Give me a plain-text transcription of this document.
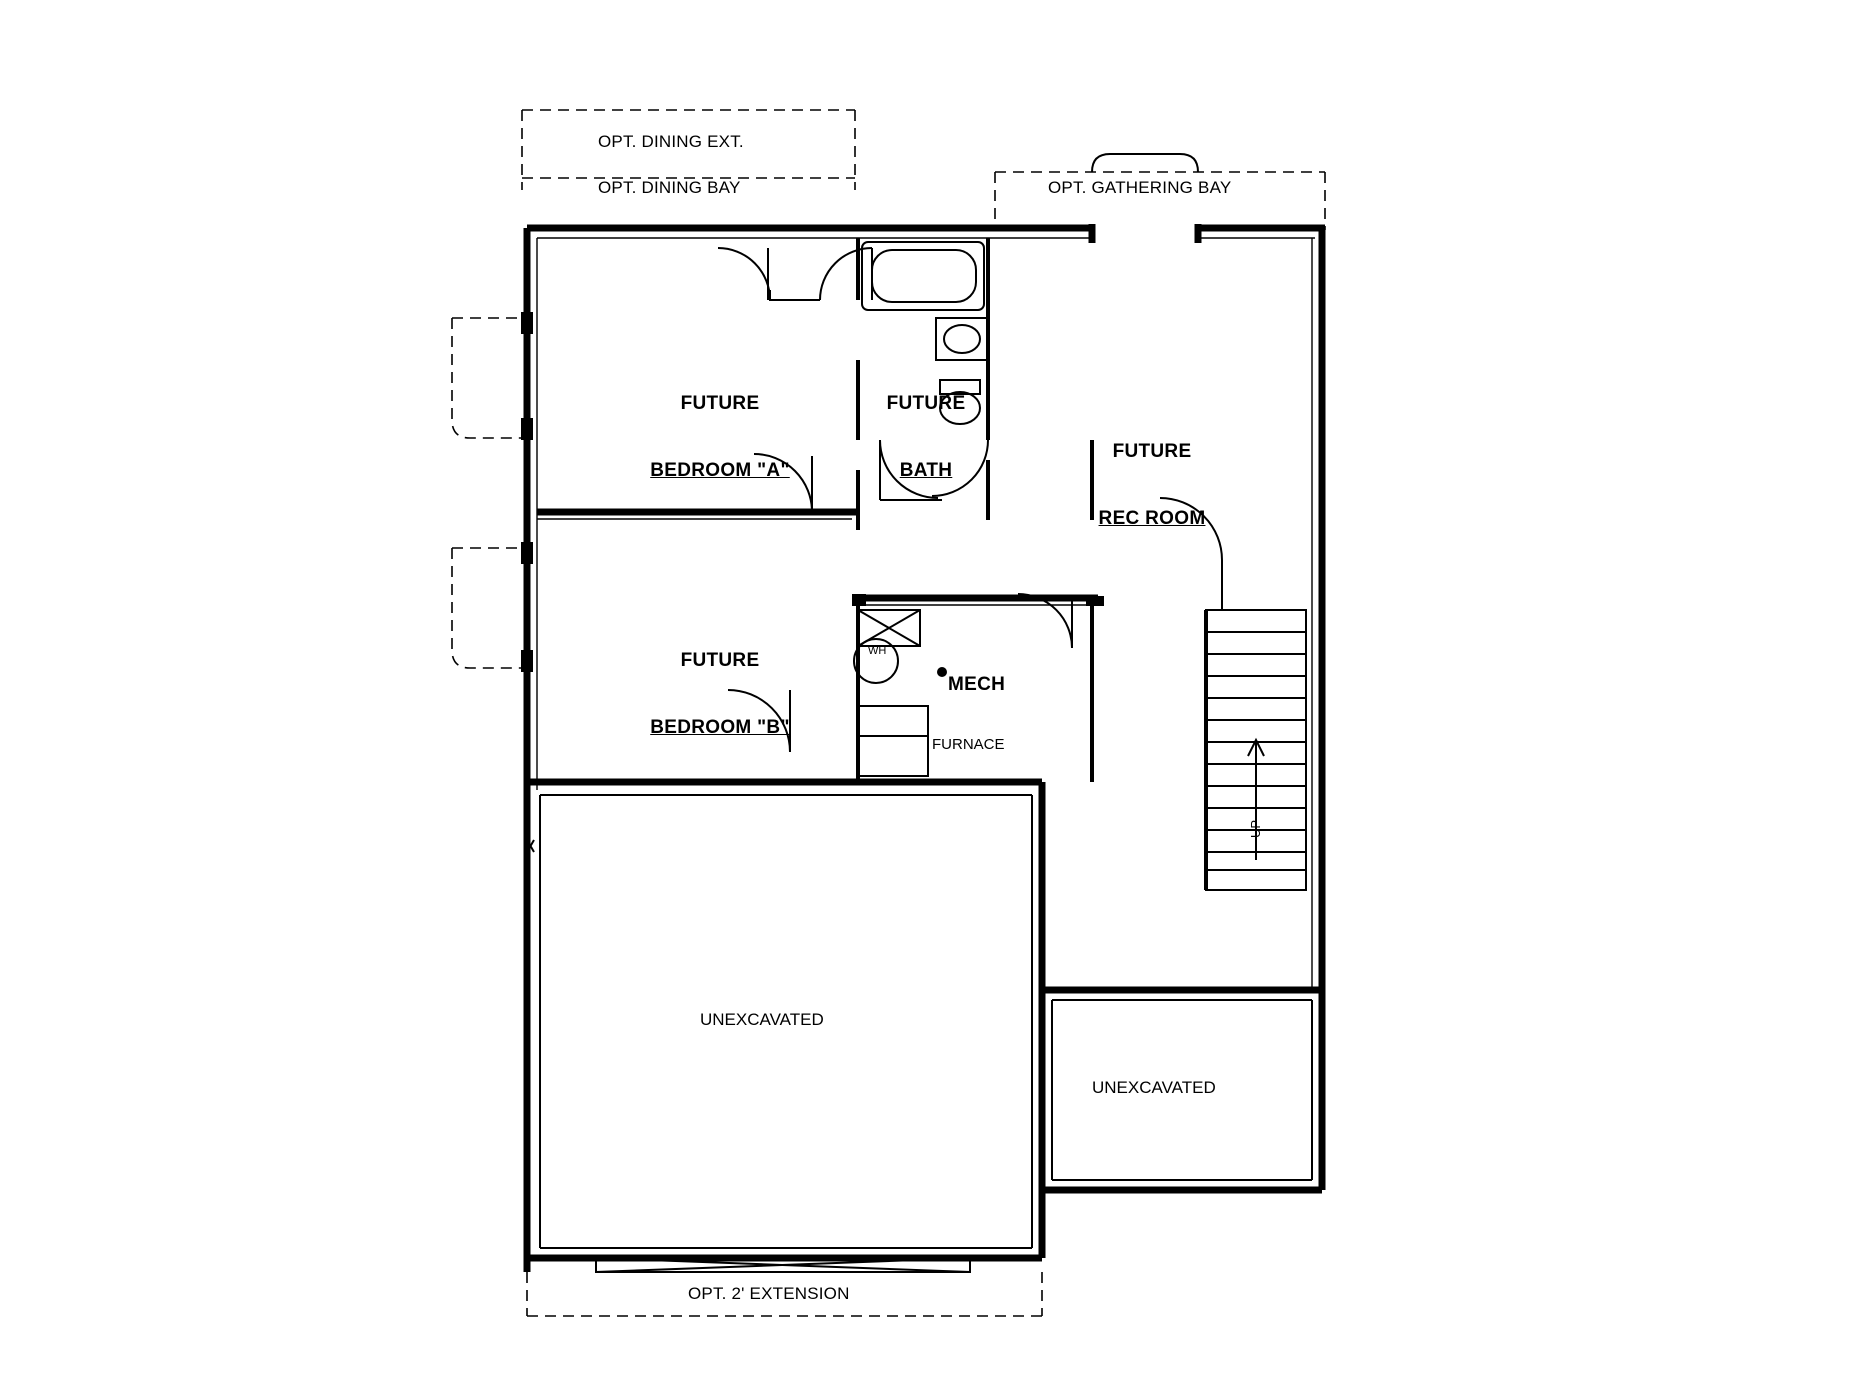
OPT. DINING EXT.
OPT. DINING BAY	OPT. GATHERING BAY
OPT. 2' EXTENSION

FUTURE

BEDROOM "A"

FUTURE

BATH

FUTURE

REC ROOM

FUTURE

BEDROOM "B"

MECH
FURNACE
WH
UNEXCAVATED
UNEXCAVATED
UP
